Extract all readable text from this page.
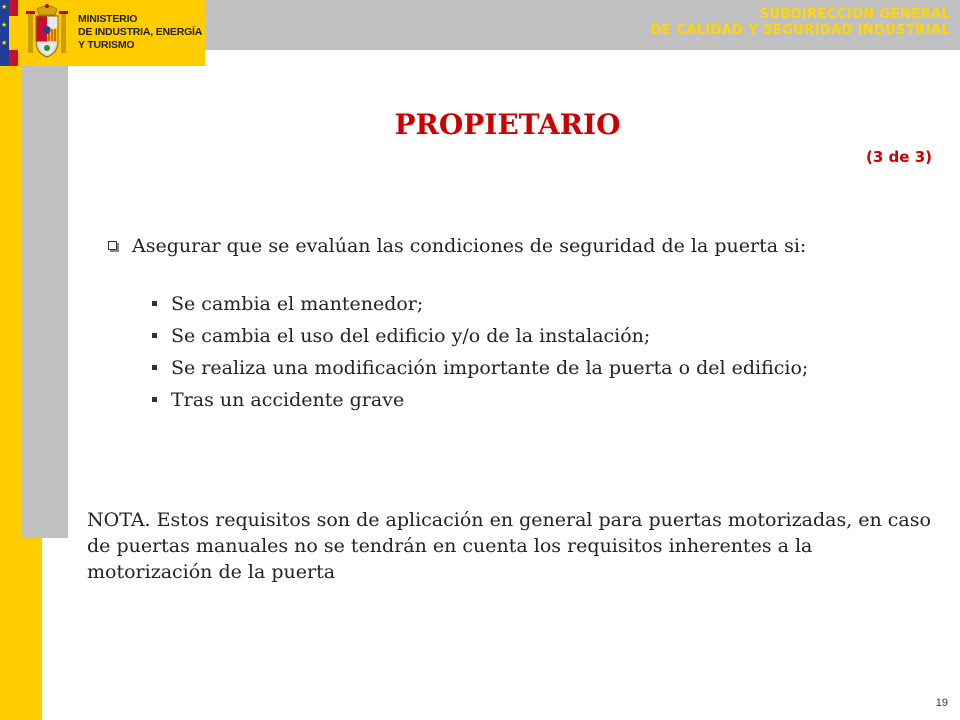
★
★
★
MINISTERIO
DE INDUSTRIA, ENERGÍA
Y TURISMO
SUBDIRECCIÓN GENERAL
DE CALIDAD Y SEGURIDAD INDUSTRIAL
PROPIETARIO
(3 de 3)
Asegurar que se evalúan las condiciones de seguridad de la puerta si:
Se cambia el mantenedor;
Se cambia el uso del edificio y/o de la instalación;
Se realiza una modificación importante de la puerta o del edificio;
Tras un accidente grave
NOTA. Estos requisitos son de aplicación en general para puertas motorizadas, en caso de puertas manuales no se tendrán en cuenta los requisitos inherentes a la motorización de la puerta
19
